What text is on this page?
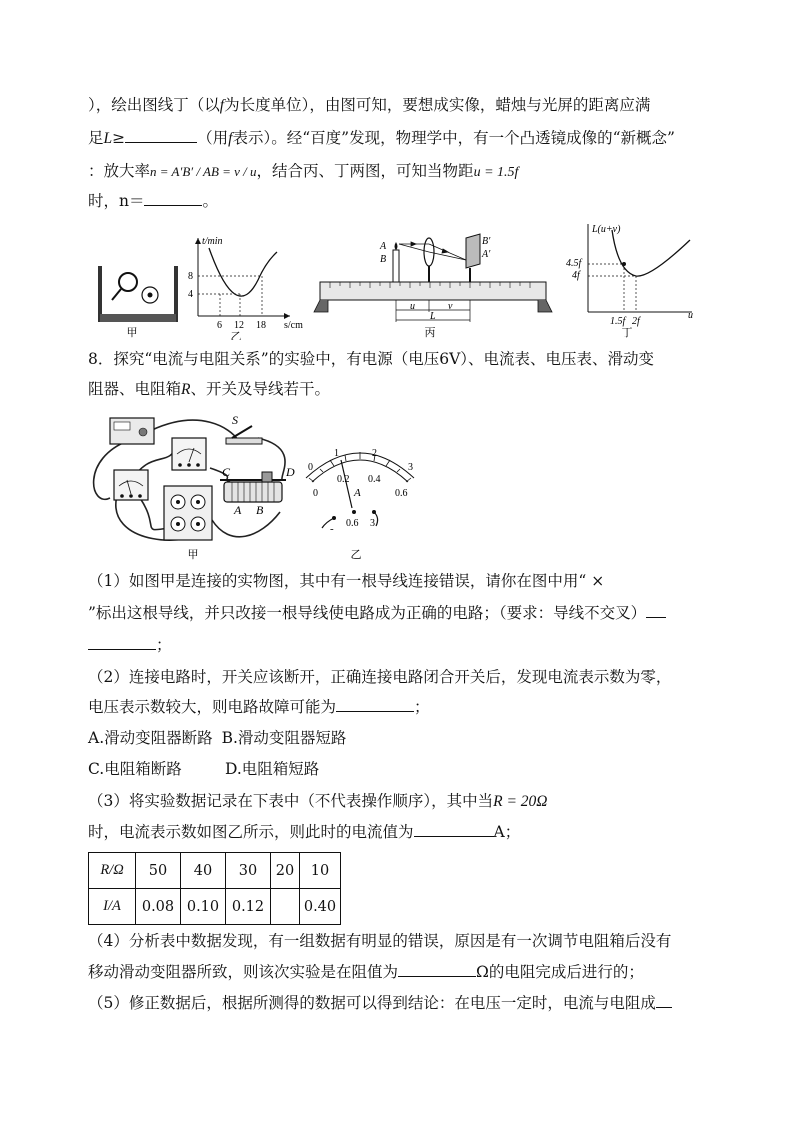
），绘出图线丁（以f为长度单位），由图可知，要想成实像，蜡烛与光屏的距离应满
足L≥	（用f表示）。经“百度”发现，物理学中，有一个凸透镜成像的“新概念”
：放大率n = A′B′ / AB = v / u，结合丙、丁两图，可知当物距u = 1.5f
时，n＝	。
甲
t/min
s/cm
8
4
6 12 18
乙
A
B
B′
A′
u	v
L
丙
L(u+v)
u
4.5f
4f
1.5f 2f
丁
8．探究“电流与电阻关系”的实验中，有电源（电压6V）、电流表、电压表、滑动变
阻器、电阻箱R、开关及导线若干。
S
C	D
A B
甲
0
1	2
3
0
0.2 0.4
0.6
A
- 0.6 3
乙
（1）如图甲是连接的实物图，其中有一根导线连接错误，请你在图中用“ ×
”标出这根导线，并只改接一根导线使电路成为正确的电路；（要求：导线不交叉）
；
（2）连接电路时，开关应该断开，正确连接电路闭合开关后，发现电流表示数为零，
电压表示数较大，则电路故障可能为	；
A.滑动变阻器断路 B.滑动变阻器短路
C.电阻箱断路	D.电阻箱短路
（3）将实验数据记录在下表中（不代表操作顺序），其中当R = 20Ω
时，电流表示数如图乙所示，则此时的电流值为	A；
R/Ω	50	40	30	20	10
I/A	0.08	0.10	0.12		0.40
（4）分析表中数据发现，有一组数据有明显的错误，原因是有一次调节电阻箱后没有
移动滑动变阻器所致，则该次实验是在阻值为	Ω的电阻完成后进行的；
（5）修正数据后，根据所测得的数据可以得到结论：在电压一定时，电流与电阻成
